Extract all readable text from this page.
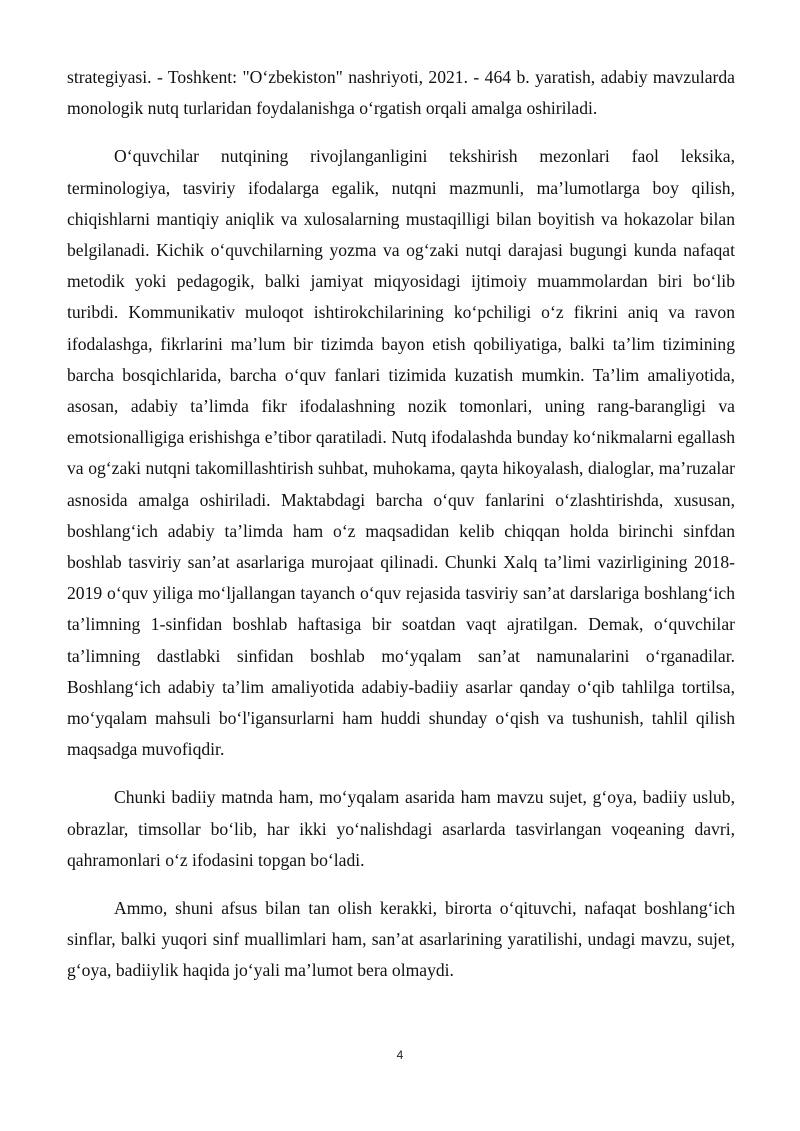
strategiyasi. - Toshkent: "O‘zbekiston" nashriyoti, 2021. - 464 b. yaratish, adabiy mavzularda monologik nutq turlaridan foydalanishga o‘rgatish orqali amalga oshiriladi.

O‘quvchilar nutqining rivojlanganligini tekshirish mezonlari faol leksika, terminologiya, tasviriy ifodalarga egalik, nutqni mazmunli, ma’lumotlarga boy qilish, chiqishlarni mantiqiy aniqlik va xulosalarning mustaqilligi bilan boyitish va hokazolar bilan belgilanadi. Kichik o‘quvchilarning yozma va og‘zaki nutqi darajasi bugungi kunda nafaqat metodik yoki pedagogik, balki jamiyat miqyosidagi ijtimoiy muammolardan biri bo‘lib turibdi. Kommunikativ muloqot ishtirokchilarining ko‘pchiligi o‘z fikrini aniq va ravon ifodalashga, fikrlarini ma’lum bir tizimda bayon etish qobiliyatiga, balki ta’lim tizimining barcha bosqichlarida, barcha o‘quv fanlari tizimida kuzatish mumkin. Ta’lim amaliyotida, asosan, adabiy ta’limda fikr ifodalashning nozik tomonlari, uning rang-barangligi va emotsionalligiga erishishga e’tibor qaratiladi. Nutq ifodalashda bunday ko‘nikmalarni egallash va og‘zaki nutqni takomillashtirish suhbat, muhokama, qayta hikoyalash, dialoglar, ma’ruzalar asnosida amalga oshiriladi. Maktabdagi barcha o‘quv fanlarini o‘zlashtirishda, xususan, boshlang‘ich adabiy ta’limda ham o‘z maqsadidan kelib chiqqan holda birinchi sinfdan boshlab tasviriy san’at asarlariga murojaat qilinadi. Chunki Xalq ta’limi vazirligining 2018-2019 o‘quv yiliga mo‘ljallangan tayanch o‘quv rejasida tasviriy san’at darslariga boshlang‘ich ta’limning 1-sinfidan boshlab haftasiga bir soatdan vaqt ajratilgan. Demak, o‘quvchilar ta’limning dastlabki sinfidan boshlab mo‘yqalam san’at namunalarini o‘rganadilar. Boshlang‘ich adabiy ta’lim amaliyotida adabiy-badiiy asarlar qanday o‘qib tahlilga tortilsa, mo‘yqalam mahsuli bo‘l'igansurlarni ham huddi shunday o‘qish va tushunish, tahlil qilish maqsadga muvofiqdir.

Chunki badiiy matnda ham, mo‘yqalam asarida ham mavzu sujet, g‘oya, badiiy uslub, obrazlar, timsollar bo‘lib, har ikki yo‘nalishdagi asarlarda tasvirlangan voqeaning davri, qahramonlari o‘z ifodasini topgan bo‘ladi.

Ammo, shuni afsus bilan tan olish kerakki, birorta o‘qituvchi, nafaqat boshlang‘ich sinflar, balki yuqori sinf muallimlari ham, san’at asarlarining yaratilishi, undagi mavzu, sujet, g‘oya, badiiylik haqida jo‘yali ma’lumot bera olmaydi.

4
